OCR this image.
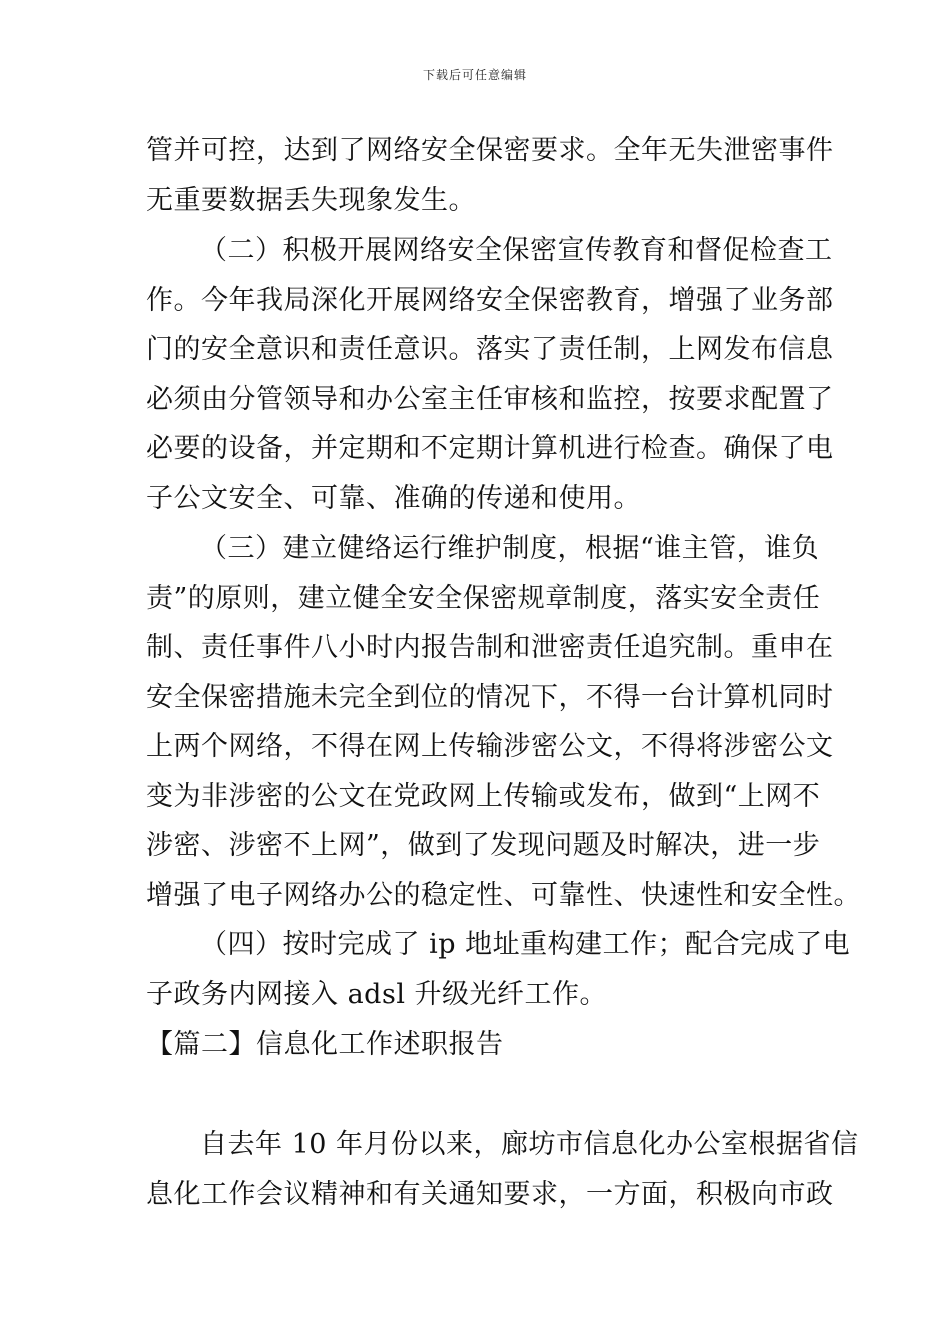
下载后可任意编辑
管并可控，达到了网络安全保密要求。全年无失泄密事件
无重要数据丢失现象发生。
（二）积极开展网络安全保密宣传教育和督促检查工
作。今年我局深化开展网络安全保密教育，增强了业务部
门的安全意识和责任意识。落实了责任制，上网发布信息
必须由分管领导和办公室主任审核和监控，按要求配置了
必要的设备，并定期和不定期计算机进行检查。确保了电
子公文安全、可靠、准确的传递和使用。
（三）建立健络运行维护制度，根据“谁主管，谁负
责”的原则，建立健全安全保密规章制度，落实安全责任
制、责任事件八小时内报告制和泄密责任追究制。重申在
安全保密措施未完全到位的情况下，不得一台计算机同时
上两个网络，不得在网上传输涉密公文，不得将涉密公文
变为非涉密的公文在党政网上传输或发布，做到“上网不
涉密、涉密不上网”，做到了发现问题及时解决，进一步
增强了电子网络办公的稳定性、可靠性、快速性和安全性。
（四）按时完成了 ip 地址重构建工作；配合完成了电
子政务内网接入 adsl 升级光纤工作。
【篇二】信息化工作述职报告
自去年 10 年月份以来，廊坊市信息化办公室根据省信
息化工作会议精神和有关通知要求，一方面，积极向市政
